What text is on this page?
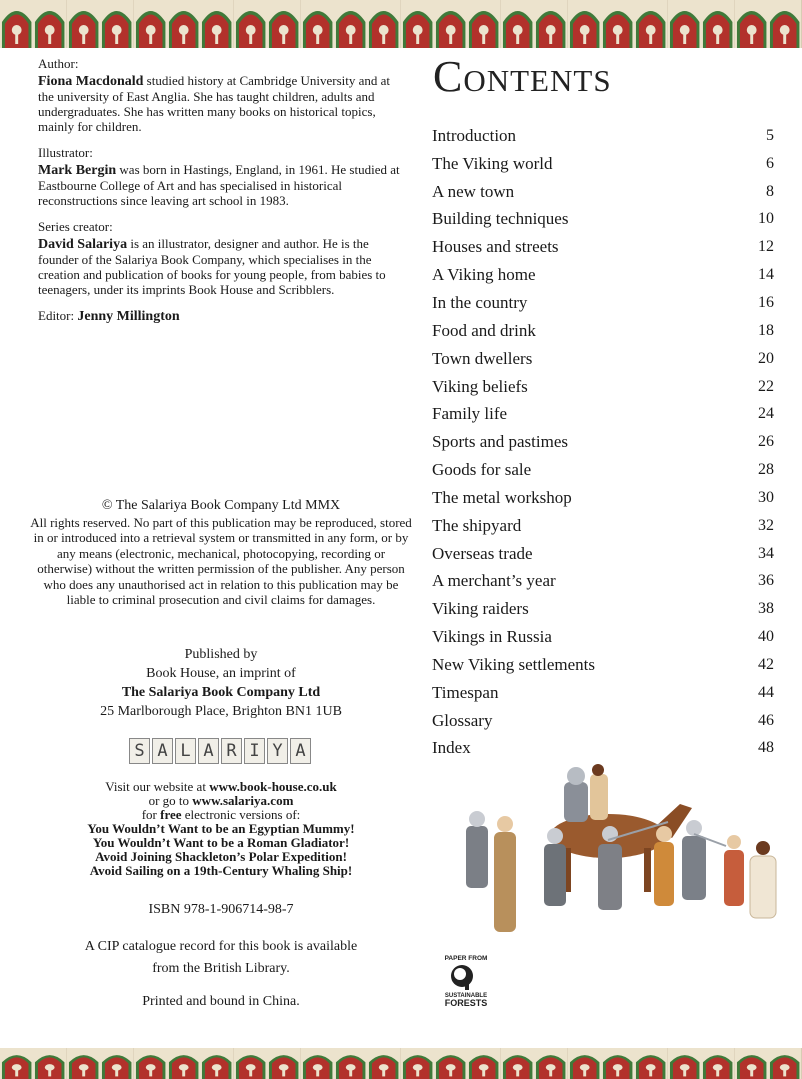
Author:
Fiona Macdonald studied history at Cambridge University and at the university of East Anglia. She has taught children, adults and undergraduates. She has written many books on historical topics, mainly for children.
Illustrator:
Mark Bergin was born in Hastings, England, in 1961. He studied at Eastbourne College of Art and has specialised in historical reconstructions since leaving art school in 1983.
Series creator:
David Salariya is an illustrator, designer and author. He is the founder of the Salariya Book Company, which specialises in the creation and publication of books for young people, from babies to teenagers, under its imprints Book House and Scribblers.
Editor: Jenny Millington
© The Salariya Book Company Ltd MMX
All rights reserved. No part of this publication may be reproduced, stored in or introduced into a retrieval system or transmitted in any form, or by any means (electronic, mechanical, photocopying, recording or otherwise) without the written permission of the publisher. Any person who does any unauthorised act in relation to this publication may be liable to criminal prosecution and civil claims for damages.
Published by
Book House, an imprint of
The Salariya Book Company Ltd
25 Marlborough Place, Brighton BN1 1UB
S A L A R I Y A
Visit our website at www.book-house.co.uk
or go to www.salariya.com
for free electronic versions of:
You Wouldn’t Want to be an Egyptian Mummy!
You Wouldn’t Want to be a Roman Gladiator!
Avoid Joining Shackleton’s Polar Expedition!
Avoid Sailing on a 19th-Century Whaling Ship!
ISBN 978-1-906714-98-7
A CIP catalogue record for this book is available
from the British Library.
Printed and bound in China.
Contents
Introduction	5
The Viking world	6
A new town	8
Building techniques	10
Houses and streets	12
A Viking home	14
In the country	16
Food and drink	18
Town dwellers	20
Viking beliefs	22
Family life	24
Sports and pastimes	26
Goods for sale	28
The metal workshop	30
The shipyard	32
Overseas trade	34
A merchant’s year	36
Viking raiders	38
Vikings in Russia	40
New Viking settlements	42
Timespan	44
Glossary	46
Index	48
PAPER FROM
SUSTAINABLE
FORESTS
